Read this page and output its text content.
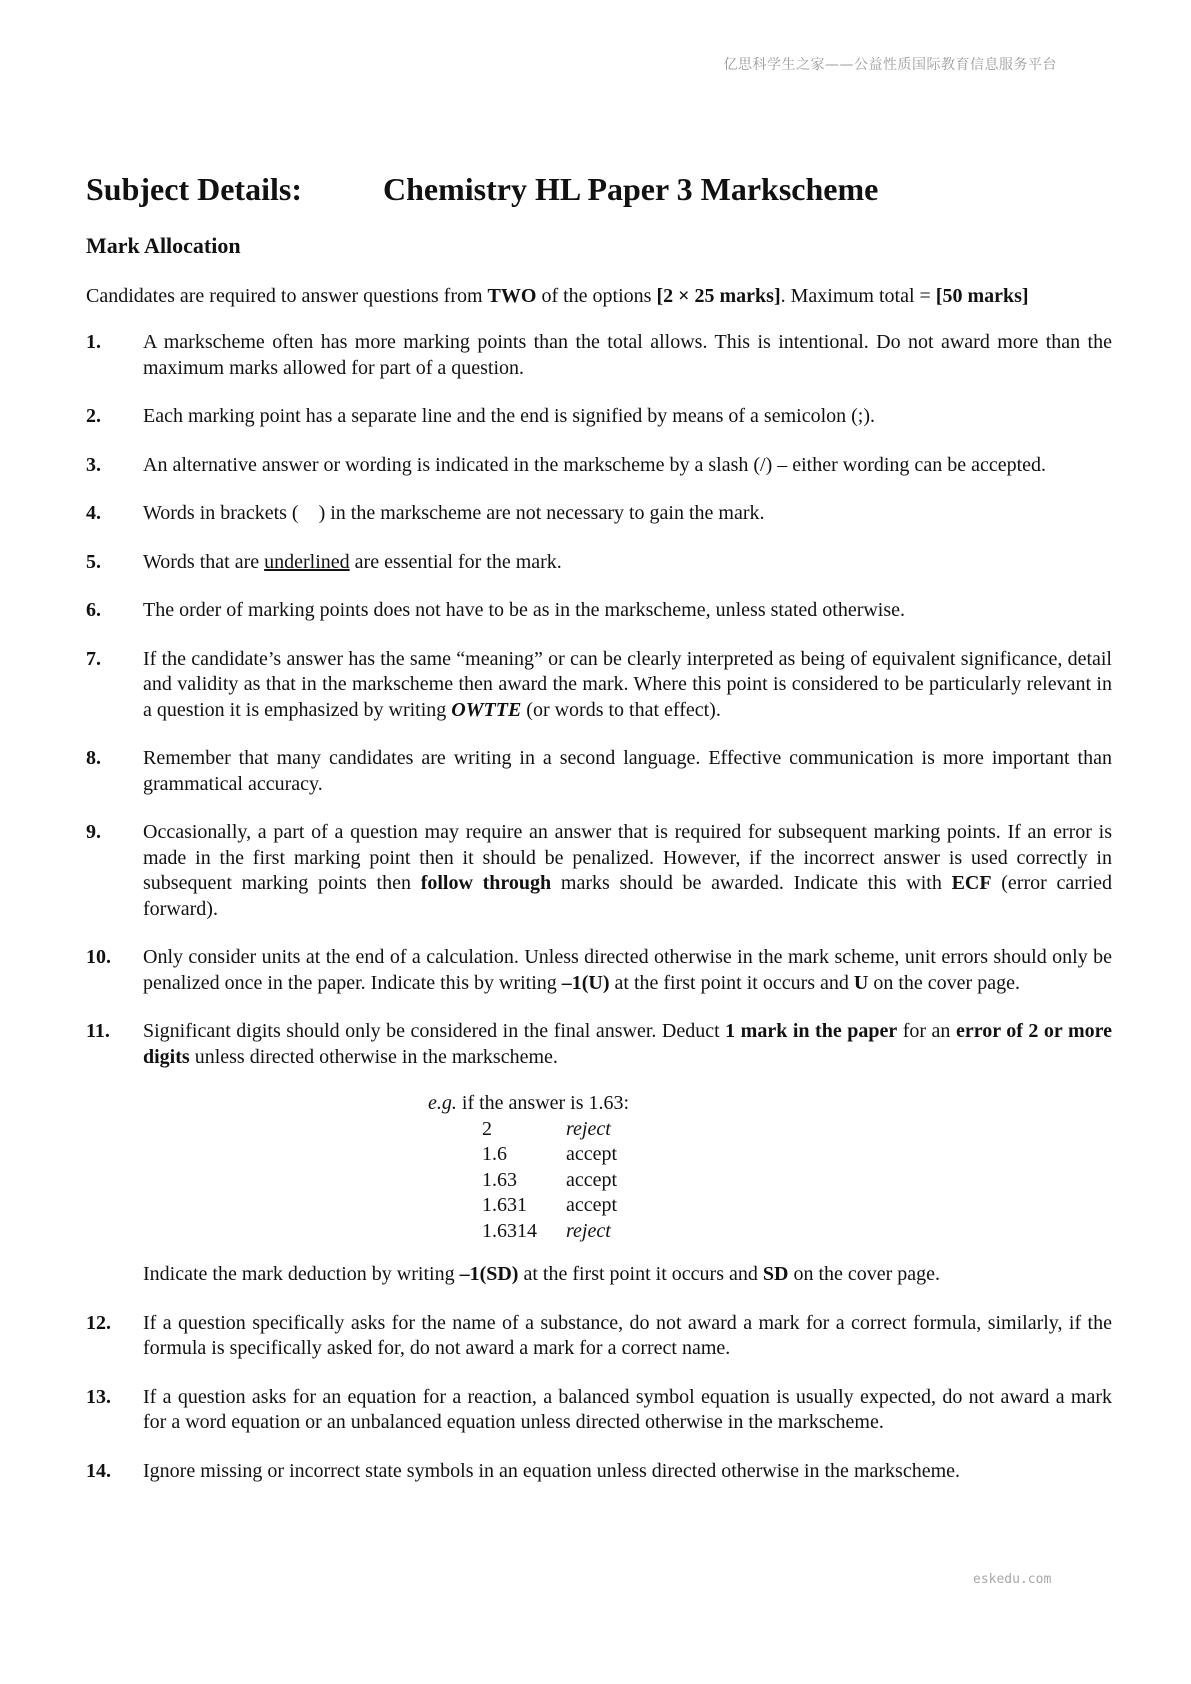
亿思科学生之家——公益性质国际教育信息服务平台
Subject Details:	Chemistry HL Paper 3 Markscheme
Mark Allocation

Candidates are required to answer questions from TWO of the options [2 × 25 marks]. Maximum total = [50 marks]

1.	A markscheme often has more marking points than the total allows. This is intentional. Do not award more than the maximum marks allowed for part of a question.
2.	Each marking point has a separate line and the end is signified by means of a semicolon (;).
3.	An alternative answer or wording is indicated in the markscheme by a slash (/) – either wording can be accepted.
4.	Words in brackets (    ) in the markscheme are not necessary to gain the mark.
5.	Words that are underlined are essential for the mark.
6.	The order of marking points does not have to be as in the markscheme, unless stated otherwise.
7.	If the candidate’s answer has the same “meaning” or can be clearly interpreted as being of equivalent significance, detail and validity as that in the markscheme then award the mark. Where this point is considered to be particularly relevant in a question it is emphasized by writing OWTTE (or words to that effect).
8.	Remember that many candidates are writing in a second language. Effective communication is more important than grammatical accuracy.
9.	Occasionally, a part of a question may require an answer that is required for subsequent marking points. If an error is made in the first marking point then it should be penalized. However, if the incorrect answer is used correctly in subsequent marking points then follow through marks should be awarded. Indicate this with ECF (error carried forward).
10.	Only consider units at the end of a calculation. Unless directed otherwise in the mark scheme, unit errors should only be penalized once in the paper. Indicate this by writing –1(U) at the first point it occurs and U on the cover page.
11.	Significant digits should only be considered in the final answer. Deduct 1 mark in the paper for an error of 2 or more digits unless directed otherwise in the markscheme.
e.g. if the answer is 1.63:
2	reject
1.6	accept
1.63	accept
1.631	accept
1.6314	reject
Indicate the mark deduction by writing –1(SD) at the first point it occurs and SD on the cover page.
12.	If a question specifically asks for the name of a substance, do not award a mark for a correct formula, similarly, if the formula is specifically asked for, do not award a mark for a correct name.
13.	If a question asks for an equation for a reaction, a balanced symbol equation is usually expected, do not award a mark for a word equation or an unbalanced equation unless directed otherwise in the markscheme.
14.	Ignore missing or incorrect state symbols in an equation unless directed otherwise in the markscheme.
eskedu.com
